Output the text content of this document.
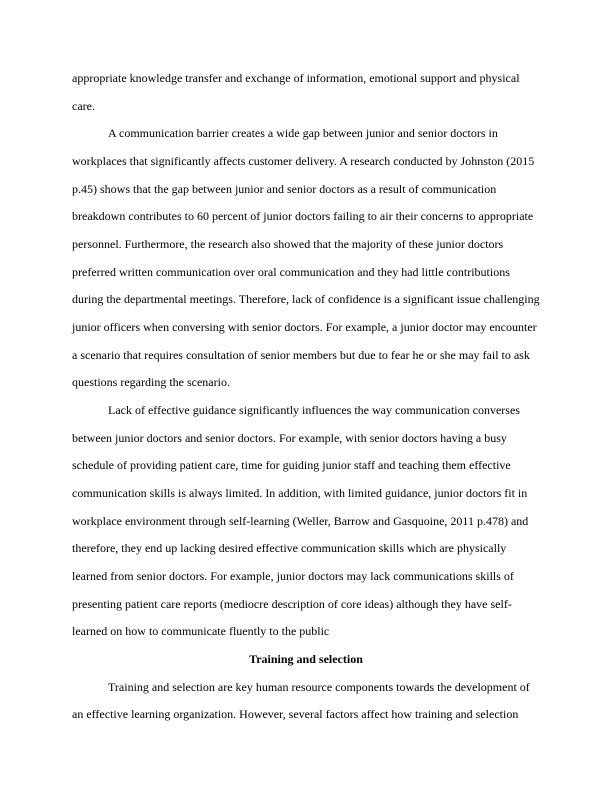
appropriate knowledge transfer and exchange of information, emotional support and physical

care.

A communication barrier creates a wide gap between junior and senior doctors in

workplaces that significantly affects customer delivery. A research conducted by Johnston (2015

p.45) shows that the gap between junior and senior doctors as a result of communication

breakdown contributes to 60 percent of junior doctors failing to air their concerns to appropriate

personnel. Furthermore, the research also showed that the majority of these junior doctors

preferred written communication over oral communication and they had little contributions

during the departmental meetings. Therefore, lack of confidence is a significant issue challenging

junior officers when conversing with senior doctors. For example, a junior doctor may encounter

a scenario that requires consultation of senior members but due to fear he or she may fail to ask

questions regarding the scenario.

Lack of effective guidance significantly influences the way communication converses

between junior doctors and senior doctors. For example, with senior doctors having a busy

schedule of providing patient care, time for guiding junior staff and teaching them effective

communication skills is always limited. In addition, with limited guidance, junior doctors fit in

workplace environment through self-learning (Weller, Barrow and Gasquoine, 2011 p.478) and

therefore, they end up lacking desired effective communication skills which are physically

learned from senior doctors. For example, junior doctors may lack communications skills of

presenting patient care reports (mediocre description of core ideas) although they have self-

learned on how to communicate fluently to the public

Training and selection

Training and selection are key human resource components towards the development of

an effective learning organization. However, several factors affect how training and selection
